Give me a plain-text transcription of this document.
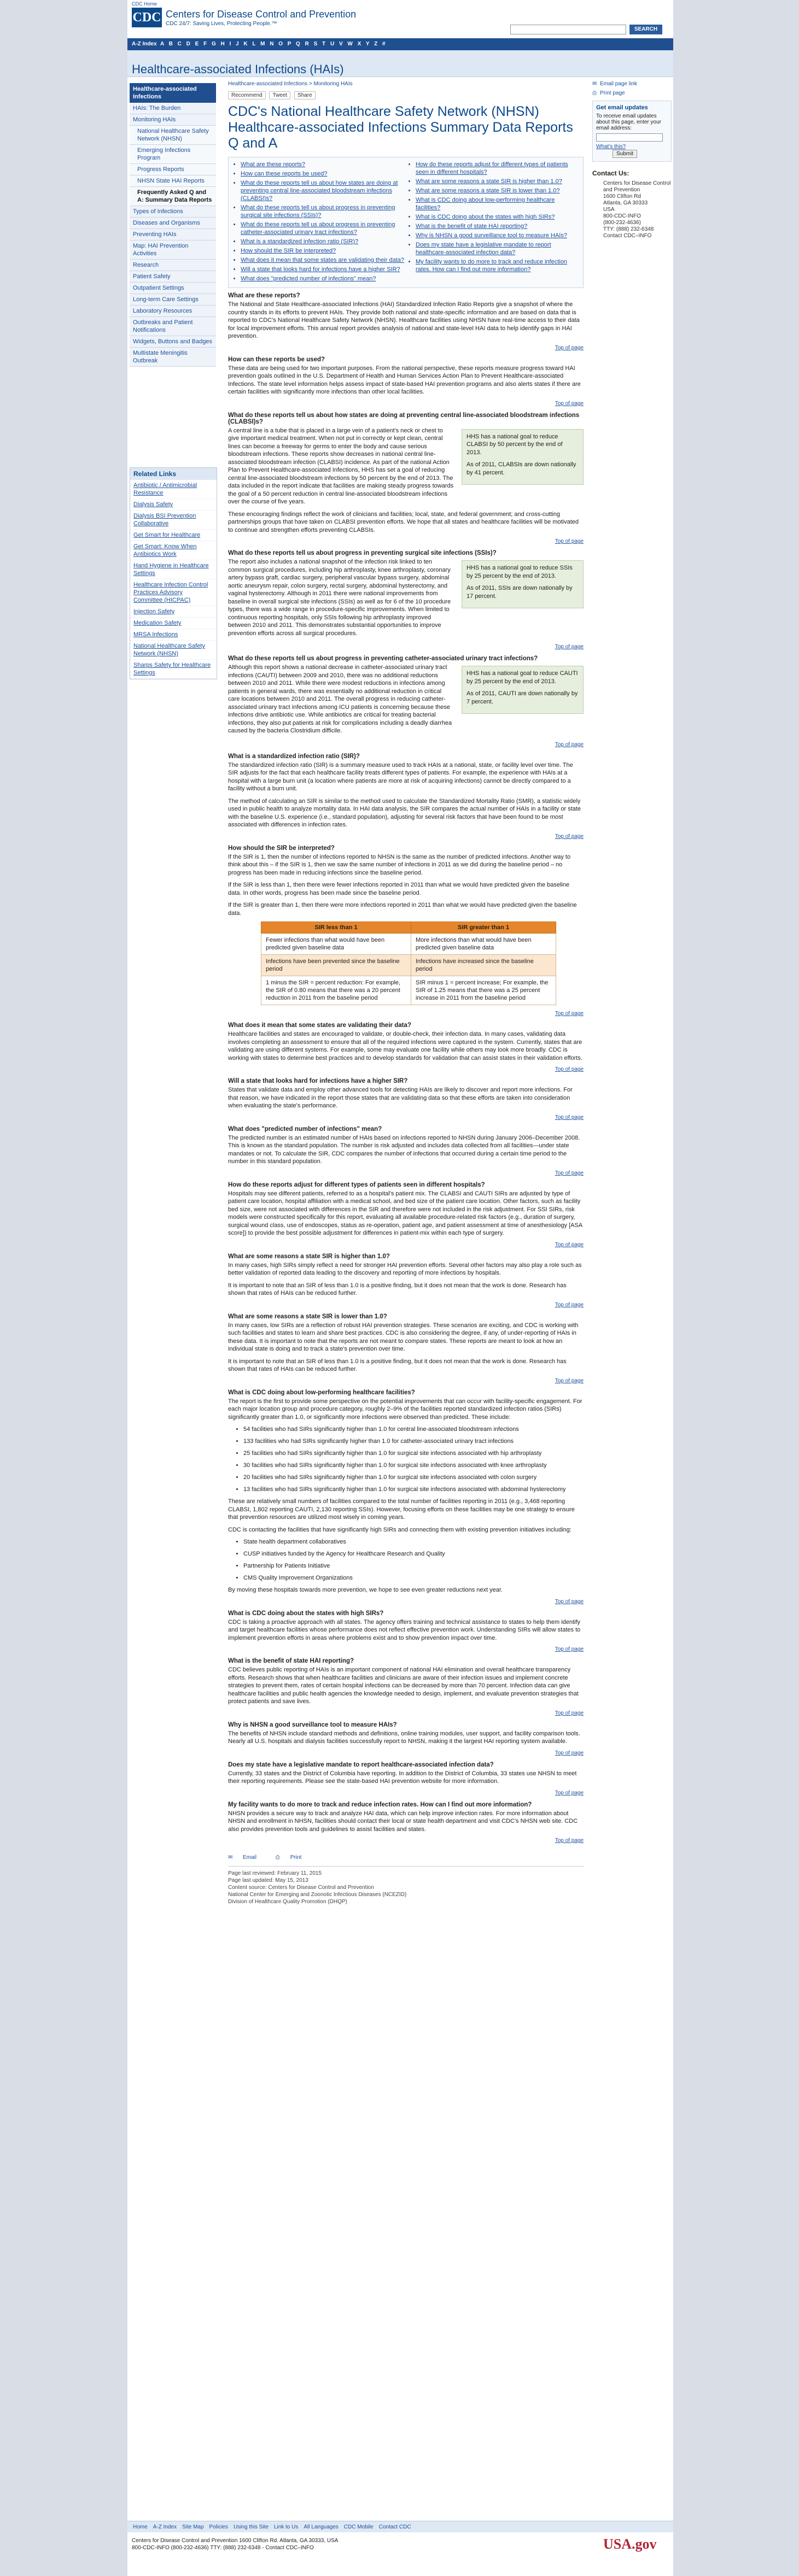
CDC Home
CDC Centers for Disease Control and Prevention
CDC 24/7: Saving Lives, Protecting People.™
SEARCH
A-Z Index A B C D E F G H I J K L M N O P Q R S T U V W X Y Z #
Healthcare-associated Infections (HAIs)
Healthcare-associated Infections
HAIs: The Burden
Monitoring HAIs
National Healthcare Safety Network (NHSN)
Emerging Infections Program
Progress Reports
NHSN State HAI Reports
Frequently Asked Q and A: Summary Data Reports
Types of Infections
Diseases and Organisms
Preventing HAIs
Map: HAI Prevention Activities
Research
Patient Safety
Outpatient Settings
Long-term Care Settings
Laboratory Resources
Outbreaks and Patient Notifications
Widgets, Buttons and Badges
Multistate Meningitis Outbreak
Related Links
Antibiotic / Antimicrobial Resistance
Dialysis Safety
Dialysis BSI Prevention Collaborative
Get Smart for Healthcare
Get Smart: Know When Antibiotics Work
Hand Hygiene in Healthcare Settings
Healthcare Infection Control Practices Advisory Committee (HICPAC)
Injection Safety
Medication Safety
MRSA Infections
National Healthcare Safety Network (NHSN)
Sharps Safety for Healthcare Settings
Healthcare-associated Infections > Monitoring HAIs
Recommend Tweet Share
CDC's National Healthcare Safety Network (NHSN) Healthcare-associated Infections Summary Data Reports Q and A
• What are these reports?
• How can these reports be used?
• What do these reports tell us about how states are doing at preventing central line-associated bloodstream infections (CLABSI)s?
• What do these reports tell us about progress in preventing surgical site infections (SSIs)?
• What do these reports tell us about progress in preventing catheter-associated urinary tract infections?
• What is a standardized infection ratio (SIR)?
• How should the SIR be interpreted?
• What does it mean that some states are validating their data?
• Will a state that looks hard for infections have a higher SIR?
• What does "predicted number of infections" mean?
• How do these reports adjust for different types of patients seen in different hospitals?
• What are some reasons a state SIR is higher than 1.0?
• What are some reasons a state SIR is lower than 1.0?
• What is CDC doing about low-performing healthcare facilities?
• What is CDC doing about the states with high SIRs?
• What is the benefit of state HAI reporting?
• Why is NHSN a good surveillance tool to measure HAIs?
• Does my state have a legislative mandate to report healthcare-associated infection data?
• My facility wants to do more to track and reduce infection rates. How can I find out more information?
What are these reports?

The National and State Healthcare-associated Infections (HAI) Standardized Infection Ratio Reports give a snapshot of where the country stands in its efforts to prevent HAIs. They provide both national and state-specific information and are based on data that is reported to CDC's National Healthcare Safety Network (NHSN). Healthcare facilities using NHSN have real-time access to their data for local improvement efforts. This annual report provides analysis of national and state-level HAI data to help identify gaps in HAI prevention.

Top of page
How can these reports be used?

These data are being used for two important purposes. From the national perspective, these reports measure progress toward HAI prevention goals outlined in the U.S. Department of Health and Human Services Action Plan to Prevent Healthcare-associated Infections. The state level information helps assess impact of state-based HAI prevention programs and also alerts states if there are certain facilities with significantly more infections than other local facilities.

Top of page
What do these reports tell us about how states are doing at preventing central line-associated bloodstream infections (CLABSI)s?

A central line is a tube that is placed in a large vein of a patient's neck or chest to give important medical treatment. When not put in correctly or kept clean, central lines can become a freeway for germs to enter the body and cause serious bloodstream infections. These reports show decreases in national central line-associated bloodstream infection (CLABSI) incidence. As part of the national Action Plan to Prevent Healthcare-associated Infections, HHS has set a goal of reducing central line-associated bloodstream infections by 50 percent by the end of 2013. The data included in the report indicate that facilities are making steady progress towards the goal of a 50 percent reduction in central line-associated bloodstream infections over the course of five years.

HHS has a national goal to reduce CLABSI by 50 percent by the end of 2013.

As of 2011, CLABSIs are down nationally by 41 percent.

These encouraging findings reflect the work of clinicians and facilities; local, state, and federal government; and cross-cutting partnerships groups that have taken on CLABSI prevention efforts. We hope that all states and healthcare facilities will be motivated to continue and strengthen efforts preventing CLABSIs.

Top of page
What do these reports tell us about progress in preventing surgical site infections (SSIs)?

The report also includes a national snapshot of the infection risk linked to ten common surgical procedures, including hip arthroplasty, knee arthroplasty, coronary artery bypass graft, cardiac surgery, peripheral vascular bypass surgery, abdominal aortic aneurysm repair, colon surgery, rectal surgery, abdominal hysterectomy, and vaginal hysterectomy. Although in 2011 there were national improvements from baseline in overall surgical site infections (SSIs) as well as for 6 of the 10 procedure types, there was a wide range in procedure-specific improvements. When limited to continuous reporting hospitals, only SSIs following hip arthroplasty improved between 2010 and 2011. This demonstrates substantial opportunities to improve prevention efforts across all surgical procedures.

HHS has a national goal to reduce SSIs by 25 percent by the end of 2013.

As of 2011, SSIs are down nationally by 17 percent.

Top of page
What do these reports tell us about progress in preventing catheter-associated urinary tract infections?

Although this report shows a national decrease in catheter-associated urinary tract infections (CAUTI) between 2009 and 2010, there was no additional reductions between 2010 and 2011. While there were modest reductions in infections among patients in general wards, there was essentially no additional reduction in critical care locations between 2010 and 2011. The overall progress in reducing catheter-associated urinary tract infections among ICU patients is concerning because these infections drive antibiotic use. While antibiotics are critical for treating bacterial infections, they also put patients at risk for complications including a deadly diarrhea caused by the bacteria Clostridium difficile.

HHS has a national goal to reduce CAUTI by 25 percent by the end of 2013.

As of 2011, CAUTI are down nationally by 7 percent.

Top of page
What is a standardized infection ratio (SIR)?

The standardized infection ratio (SIR) is a summary measure used to track HAIs at a national, state, or facility level over time. The SIR adjusts for the fact that each healthcare facility treats different types of patients. For example, the experience with HAIs at a hospital with a large burn unit (a location where patients are more at risk of acquiring infections) cannot be directly compared to a facility without a burn unit.

The method of calculating an SIR is similar to the method used to calculate the Standardized Mortality Ratio (SMR), a statistic widely used in public health to analyze mortality data. In HAI data analysis, the SIR compares the actual number of HAIs in a facility or state with the baseline U.S. experience (i.e., standard population), adjusting for several risk factors that have been found to be most associated with differences in infection rates.

Top of page
How should the SIR be interpreted?

If the SIR is 1, then the number of infections reported to NHSN is the same as the number of predicted infections. Another way to think about this – if the SIR is 1, then we saw the same number of infections in 2011 as we did during the baseline period – no progress has been made in reducing infections since the baseline period.

If the SIR is less than 1, then there were fewer infections reported in 2011 than what we would have predicted given the baseline data. In other words, progress has been made since the baseline period.

If the SIR is greater than 1, then there were more infections reported in 2011 than what we would have predicted given the baseline data.

SIR less than 1	SIR greater than 1
Fewer infections than what would have been predicted given baseline data	More infections than what would have been predicted given baseline data
Infections have been prevented since the baseline period	Infections have increased since the baseline period
1 minus the SIR = percent reduction: For example, the SIR of 0.80 means that there was a 20 percent reduction in 2011 from the baseline period	SIR minus 1 = percent increase; For example, the SIR of 1.25 means that there was a 25 percent increase in 2011 from the baseline period
Top of page
What does it mean that some states are validating their data?

Healthcare facilities and states are encouraged to validate, or double-check, their infection data. In many cases, validating data involves completing an assessment to ensure that all of the required infections were captured in the system. Currently, states that are validating are using different systems. For example, some may evaluate one facility while others may look more broadly. CDC is working with states to determine best practices and to develop standards for validation that can assist states in their validation efforts.

Top of page
Will a state that looks hard for infections have a higher SIR?

States that validate data and employ other advanced tools for detecting HAIs are likely to discover and report more infections. For that reason, we have indicated in the report those states that are validating data so that these efforts are taken into consideration when evaluating the state's performance.

Top of page
What does "predicted number of infections" mean?

The predicted number is an estimated number of HAIs based on infections reported to NHSN during January 2006–December 2008. This is known as the standard population. The number is risk adjusted and includes data collected from all facilities—under state mandates or not. To calculate the SIR, CDC compares the number of infections that occurred during a certain time period to the number in this standard population.

Top of page
How do these reports adjust for different types of patients seen in different hospitals?

Hospitals may see different patients, referred to as a hospital's patient mix. The CLABSI and CAUTI SIRs are adjusted by type of patient care location, hospital affiliation with a medical school, and bed size of the patient care location. Other factors, such as facility bed size, were not associated with differences in the SIR and therefore were not included in the risk adjustment. For SSI SIRs, risk models were constructed specifically for this report, evaluating all available procedure-related risk factors (e.g., duration of surgery, surgical wound class, use of endoscopes, status as re-operation, patient age, and patient assessment at time of anesthesiology [ASA score]) to provide the best possible adjustment for differences in patient-mix within each type of surgery.

Top of page
What are some reasons a state SIR is higher than 1.0?

In many cases, high SIRs simply reflect a need for stronger HAI prevention efforts. Several other factors may also play a role such as better validation of reported data leading to the discovery and reporting of more infections by hospitals.

It is important to note that an SIR of less than 1.0 is a positive finding, but it does not mean that the work is done. Research has shown that rates of HAIs can be reduced further.

Top of page
What are some reasons a state SIR is lower than 1.0?

In many cases, low SIRs are a reflection of robust HAI prevention strategies. These scenarios are exciting, and CDC is working with such facilities and states to learn and share best practices. CDC is also considering the degree, if any, of under-reporting of HAIs in these data. It is important to note that the reports are not meant to compare states. These reports are meant to look at how an individual state is doing and to track a state's prevention over time.

It is important to note that an SIR of less than 1.0 is a positive finding, but it does not mean that the work is done. Research has shown that rates of HAIs can be reduced further.

Top of page
What is CDC doing about low-performing healthcare facilities?

The report is the first to provide some perspective on the potential improvements that can occur with facility-specific engagement. For each major location group and procedure category, roughly 2–9% of the facilities reported standardized infection ratios (SIRs) significantly greater than 1.0, or significantly more infections were observed than predicted. These include:

• 54 facilities who had SIRs significantly higher than 1.0 for central line-associated bloodstream infections
• 133 facilities who had SIRs significantly higher than 1.0 for catheter-associated urinary tract infections
• 25 facilities who had SIRs significantly higher than 1.0 for surgical site infections associated with hip arthroplasty
• 30 facilities who had SIRs significantly higher than 1.0 for surgical site infections associated with knee arthroplasty
• 20 facilities who had SIRs significantly higher than 1.0 for surgical site infections associated with colon surgery
• 13 facilities who had SIRs significantly higher than 1.0 for surgical site infections associated with abdominal hysterectomy

These are relatively small numbers of facilities compared to the total number of facilities reporting in 2011 (e.g., 3,468 reporting CLABSI, 1,802 reporting CAUTI, 2,130 reporting SSIs). However, focusing efforts on these facilities may be one strategy to ensure that prevention resources are utilized most wisely in coming years.

CDC is contacting the facilities that have significantly high SIRs and connecting them with existing prevention initiatives including:

• State health department collaboratives
• CUSP initiatives funded by the Agency for Healthcare Research and Quality
• Partnership for Patients Initiative
• CMS Quality Improvement Organizations

By moving these hospitals towards more prevention, we hope to see even greater reductions next year.

Top of page
What is CDC doing about the states with high SIRs?

CDC is taking a proactive approach with all states. The agency offers training and technical assistance to states to help them identify and target healthcare facilities whose performance does not reflect effective prevention work. Understanding SIRs will allow states to implement prevention efforts in areas where problems exist and to show prevention impact over time.

Top of page
What is the benefit of state HAI reporting?

CDC believes public reporting of HAIs is an important component of national HAI elimination and overall healthcare transparency efforts. Research shows that when healthcare facilities and clinicians are aware of their infection issues and implement concrete strategies to prevent them, rates of certain hospital infections can be decreased by more than 70 percent. Infection data can give healthcare facilities and public health agencies the knowledge needed to design, implement, and evaluate prevention strategies that protect patients and save lives.

Top of page
Why is NHSN a good surveillance tool to measure HAIs?

The benefits of NHSN include standard methods and definitions, online training modules, user support, and facility comparison tools. Nearly all U.S. hospitals and dialysis facilities successfully report to NHSN, making it the largest HAI reporting system available.

Top of page
Does my state have a legislative mandate to report healthcare-associated infection data?

Currently, 33 states and the District of Columbia have reporting. In addition to the District of Columbia, 33 states use NHSN to meet their reporting requirements. Please see the state-based HAI prevention website for more information.

Top of page
My facility wants to do more to track and reduce infection rates. How can I find out more information?

NHSN provides a secure way to track and analyze HAI data, which can help improve infection rates. For more information about NHSN and enrollment in NHSN, facilities should contact their local or state health department and visit CDC's NHSN web site. CDC also provides prevention tools and guidelines to assist facilities and states.

Top of page
✉ Email	⎙ Print
Page last reviewed: February 11, 2015
Page last updated: May 15, 2013
Content source: Centers for Disease Control and Prevention
National Center for Emerging and Zoonotic Infectious Diseases (NCEZID)
Division of Healthcare Quality Promotion (DHQP)
✉ Email page link
⎙ Print page
Get email updates
To receive email updates about this page, enter your email address:
What's this? Submit
Contact Us:
Centers for Disease Control and Prevention
1600 Clifton Rd
Atlanta, GA 30333
USA
800-CDC-INFO
(800-232-4636)
TTY: (888) 232-6348
Contact CDC–INFO
Home A-Z Index Site Map Policies Using this Site Link to Us All Languages CDC Mobile Contact CDC
Centers for Disease Control and Prevention 1600 Clifton Rd. Atlanta, GA 30333, USA
800-CDC-INFO (800-232-4636) TTY: (888) 232-6348 - Contact CDC–INFO	USA.gov
